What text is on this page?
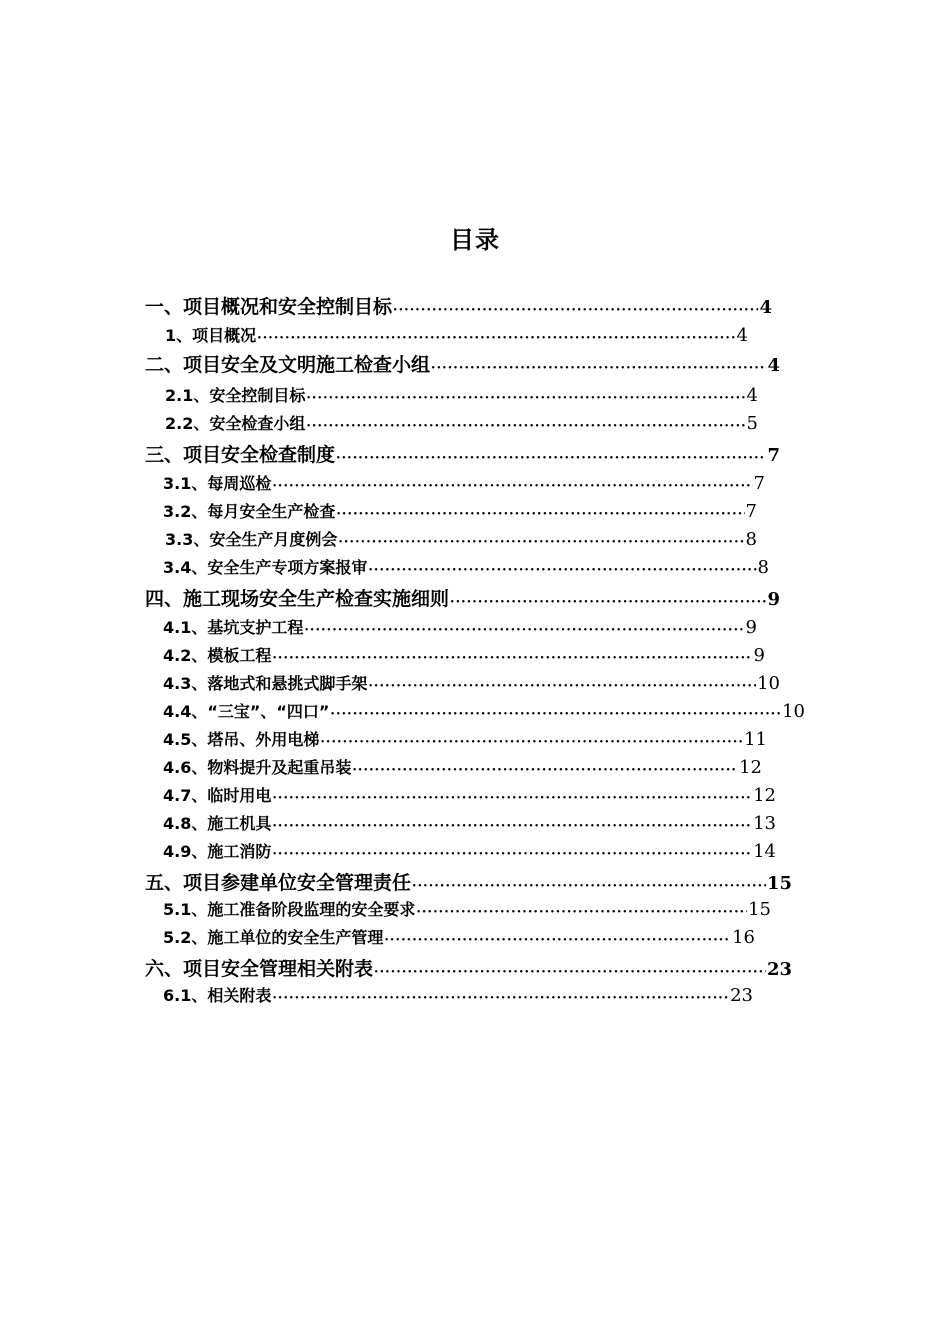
目录
一、项目概况和安全控制目标 •••••	4
1、项目概况 •••••	4
二、项目安全及文明施工检查小组 •••••	4
2.1、安全控制目标 •••••	4
2.2、安全检查小组 •••••	5
三、项目安全检查制度 •••••	7
3.1、每周巡检 •••••	7
3.2、每月安全生产检查 •••••	7
3.3、安全生产月度例会 •••••	8
3.4、安全生产专项方案报审 •••••	8
四、施工现场安全生产检查实施细则 •••••	9
4.1、基坑支护工程 •••••	9
4.2、模板工程 •••••	9
4.3、落地式和悬挑式脚手架 •••••	10
4.4、“三宝”、“四口” •••••	10
4.5、塔吊、外用电梯 •••••	11
4.6、物料提升及起重吊装 •••••	12
4.7、临时用电 •••••	12
4.8、施工机具 •••••	13
4.9、施工消防 •••••	14
五、项目参建单位安全管理责任 •••••	15
5.1、施工准备阶段监理的安全要求 •••••	15
5.2、施工单位的安全生产管理 •••••	16
六、项目安全管理相关附表 •••••	23
6.1、相关附表 •••••	23
